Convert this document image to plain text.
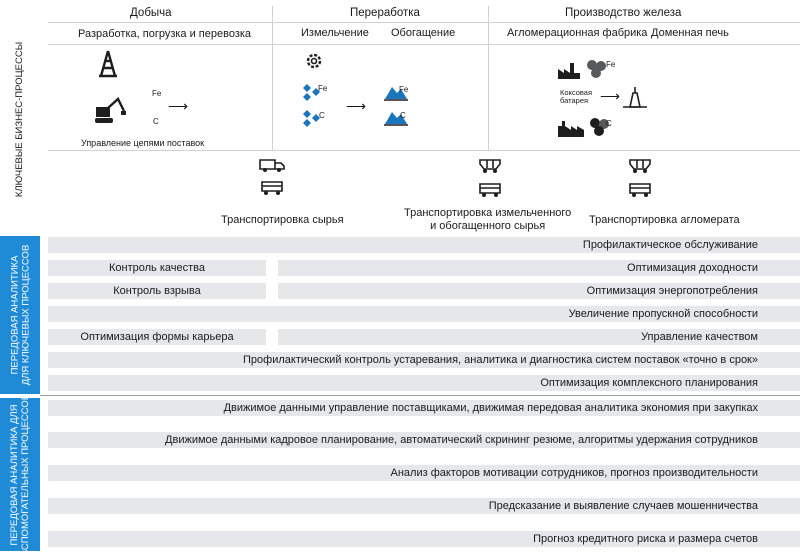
КЛЮЧЕВЫЕ БИЗНЕС-ПРОЦЕССЫ
ПЕРЕДОВАЯ АНАЛИТИКА ДЛЯ КЛЮЧЕВЫХ ПРОЦЕССОВ
ПЕРЕДОВАЯ АНАЛИТИКА ДЛЯ ВСПОМОГАТЕЛЬНЫХ ПРОЦЕССОВ
Добыча	Переработка	Производство железа
Разработка, погрузка и перевозка	Измельчение Обогащение	Агломерационная фабрика Доменная печь
Fe
C
⟶
Управление цепями поставок
Fe
C
⟶
Fe
C
Fe
Коксовая
батарея ⟶
C
Транспортировка сырья
Транспортировка измельченного
и обогащенного сырья	Транспортировка агломерата
Профилактическое обслуживание
Контроль качества	Оптимизация доходности
Контроль взрыва	Оптимизация энергопотребления
Увеличение пропускной способности
Оптимизация формы карьера	Управление качеством
Профилактический контроль устаревания, аналитика и диагностика систем поставок «точно в срок»
Оптимизация комплексного планирования
Движимое данными управление поставщиками, движимая передовая аналитика экономия при закупках
Движимое данными кадровое планирование, автоматический скрининг резюме, алгоритмы удержания сотрудников
Анализ факторов мотивации сотрудников, прогноз производительности
Предсказание и выявление случаев мошенничества
Прогноз кредитного риска и размера счетов
